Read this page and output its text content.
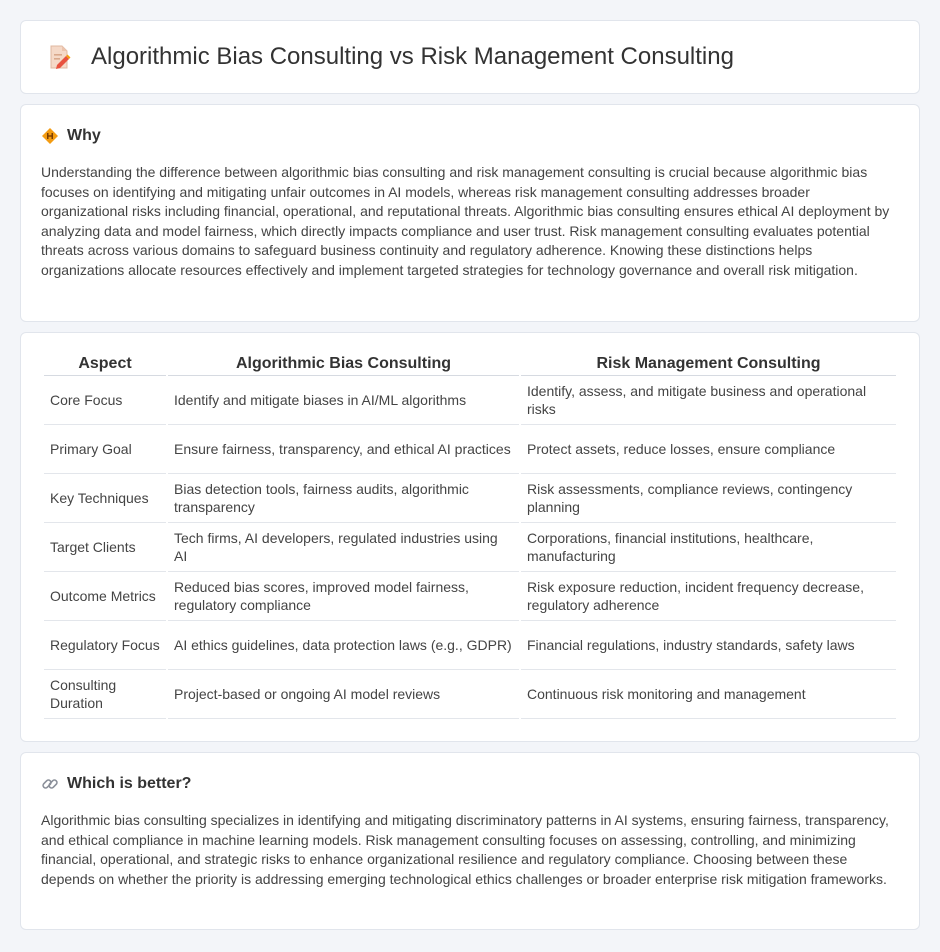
Algorithmic Bias Consulting vs Risk Management Consulting
Why

Understanding the difference between algorithmic bias consulting and risk management consulting is crucial because algorithmic bias focuses on identifying and mitigating unfair outcomes in AI models, whereas risk management consulting addresses broader organizational risks including financial, operational, and reputational threats. Algorithmic bias consulting ensures ethical AI deployment by analyzing data and model fairness, which directly impacts compliance and user trust. Risk management consulting evaluates potential threats across various domains to safeguard business continuity and regulatory adherence. Knowing these distinctions helps organizations allocate resources effectively and implement targeted strategies for technology governance and overall risk mitigation.

Aspect	Algorithmic Bias Consulting	Risk Management Consulting
Core Focus	Identify and mitigate biases in AI/ML algorithms	Identify, assess, and mitigate business and operational risks
Primary Goal	Ensure fairness, transparency, and ethical AI practices	Protect assets, reduce losses, ensure compliance
Key Techniques	Bias detection tools, fairness audits, algorithmic transparency	Risk assessments, compliance reviews, contingency planning
Target Clients	Tech firms, AI developers, regulated industries using AI	Corporations, financial institutions, healthcare, manufacturing
Outcome Metrics	Reduced bias scores, improved model fairness, regulatory compliance	Risk exposure reduction, incident frequency decrease, regulatory adherence
Regulatory Focus	AI ethics guidelines, data protection laws (e.g., GDPR)	Financial regulations, industry standards, safety laws
Consulting Duration	Project-based or ongoing AI model reviews	Continuous risk monitoring and management
Which is better?

Algorithmic bias consulting specializes in identifying and mitigating discriminatory patterns in AI systems, ensuring fairness, transparency, and ethical compliance in machine learning models. Risk management consulting focuses on assessing, controlling, and minimizing financial, operational, and strategic risks to enhance organizational resilience and regulatory compliance. Choosing between these depends on whether the priority is addressing emerging technological ethics challenges or broader enterprise risk mitigation frameworks.
